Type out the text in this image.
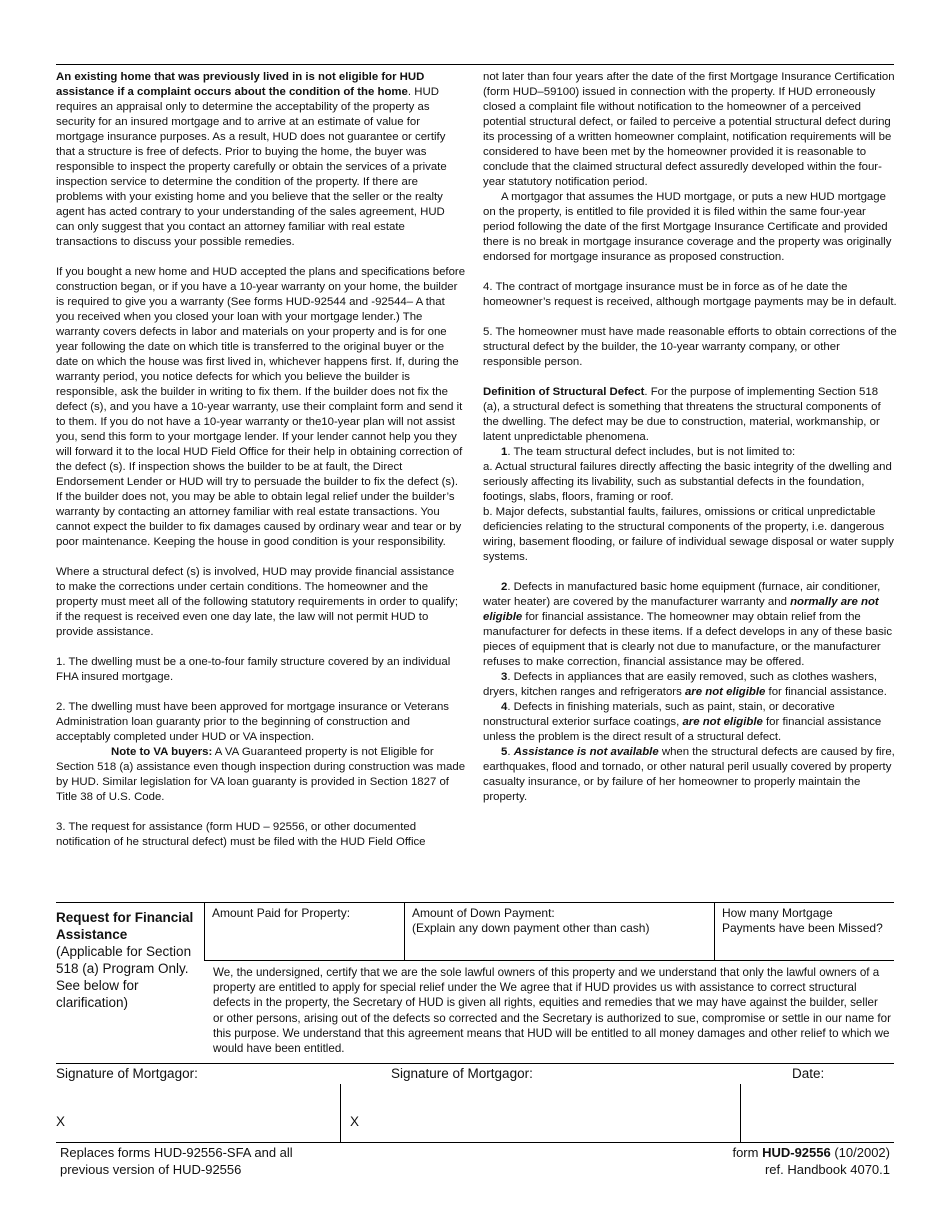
An existing home that was previously lived in is not eligible for HUD assistance if a complaint occurs about the condition of the home. HUD requires an appraisal only to determine the acceptability of the property as security for an insured mortgage and to arrive at an estimate of value for mortgage insurance purposes. As a result, HUD does not guarantee or certify that a structure is free of defects. Prior to buying the home, the buyer was responsible to inspect the property carefully or obtain the services of a private inspection service to determine the condition of the property. If there are problems with your existing home and you believe that the seller or the realty agent has acted contrary to your understanding of the sales agreement, HUD can only suggest that you contact an attorney familiar with real estate transactions to discuss your possible remedies.

If you bought a new home and HUD accepted the plans and specifications before construction began, or if you have a 10-year warranty on your home, the builder is required to give you a warranty (See forms HUD-92544 and -92544– A that you received when you closed your loan with your mortgage lender.) The warranty covers defects in labor and materials on your property and is for one year following the date on which title is transferred to the original buyer or the date on which the house was first lived in, whichever happens first. If, during the warranty period, you notice defects for which you believe the builder is responsible, ask the builder in writing to fix them. If the builder does not fix the defect (s), and you have a 10-year warranty, use their complaint form and send it to them. If you do not have a 10-year warranty or the10-year plan will not assist you, send this form to your mortgage lender. If your lender cannot help you they will forward it to the local HUD Field Office for their help in obtaining correction of the defect (s). If inspection shows the builder to be at fault, the Direct Endorsement Lender or HUD will try to persuade the builder to fix the defect (s). If the builder does not, you may be able to obtain legal relief under the builder’s warranty by contacting an attorney familiar with real estate transactions. You cannot expect the builder to fix damages caused by ordinary wear and tear or by poor maintenance. Keeping the house in good condition is your responsibility.

Where a structural defect (s) is involved, HUD may provide financial assistance to make the corrections under certain conditions. The homeowner and the property must meet all of the following statutory requirements in order to qualify; if the request is received even one day late, the law will not permit HUD to provide assistance.

1. The dwelling must be a one-to-four family structure covered by an individual FHA insured mortgage.

2. The dwelling must have been approved for mortgage insurance or Veterans Administration loan guaranty prior to the beginning of construction and acceptably completed under HUD or VA inspection.

Note to VA buyers: A VA Guaranteed property is not Eligible for Section 518 (a) assistance even though inspection during construction was made by HUD. Similar legislation for VA loan guaranty is provided in Section 1827 of Title 38 of U.S. Code.

3. The request for assistance (form HUD – 92556, or other documented notification of he structural defect) must be filed with the HUD Field Office

not later than four years after the date of the first Mortgage Insurance Certification (form HUD–59100) issued in connection with the property. If HUD erroneously closed a complaint file without notification to the homeowner of a perceived potential structural defect, or failed to perceive a potential structural defect during its processing of a written homeowner complaint, notification requirements will be considered to have been met by the homeowner provided it is reasonable to conclude that the claimed structural defect assuredly developed within the four-year statutory notification period.

A mortgagor that assumes the HUD mortgage, or puts a new HUD mortgage on the property, is entitled to file provided it is filed within the same four-year period following the date of the first Mortgage Insurance Certificate and provided there is no break in mortgage insurance coverage and the property was originally endorsed for mortgage insurance as proposed construction.

4. The contract of mortgage insurance must be in force as of he date the homeowner’s request is received, although mortgage payments may be in default.

5. The homeowner must have made reasonable efforts to obtain corrections of the structural defect by the builder, the 10-year warranty company, or other responsible person.

Definition of Structural Defect. For the purpose of implementing Section 518 (a), a structural defect is something that threatens the structural components of the dwelling. The defect may be due to construction, material, workmanship, or latent unpredictable phenomena.

1. The team structural defect includes, but is not limited to:

a. Actual structural failures directly affecting the basic integrity of the dwelling and seriously affecting its livability, such as substantial defects in the foundation, footings, slabs, floors, framing or roof.

b. Major defects, substantial faults, failures, omissions or critical unpredictable deficiencies relating to the structural components of the property, i.e. dangerous wiring, basement flooding, or failure of individual sewage disposal or water supply systems.

2. Defects in manufactured basic home equipment (furnace, air conditioner, water heater) are covered by the manufacturer warranty and normally are not eligible for financial assistance. The homeowner may obtain relief from the manufacturer for defects in these items. If a defect develops in any of these basic pieces of equipment that is clearly not due to manufacture, or the manufacturer refuses to make correction, financial assistance may be offered.

3. Defects in appliances that are easily removed, such as clothes washers, dryers, kitchen ranges and refrigerators are not eligible for financial assistance.

4. Defects in finishing materials, such as paint, stain, or decorative nonstructural exterior surface coatings, are not eligible for financial assistance unless the problem is the direct result of a structural defect.

5. Assistance is not available when the structural defects are caused by fire, earthquakes, flood and tornado, or other natural peril usually covered by property casualty insurance, or by failure of her homeowner to properly maintain the property.

Request for Financial Assistance
(Applicable for Section 518 (a) Program Only. See below for clarification)
Amount Paid for Property:	Amount of Down Payment:
(Explain any down payment other than cash)
How many Mortgage Payments have been Missed?
We, the undersigned, certify that we are the sole lawful owners of this property and we understand that only the lawful owners of a property are entitled to apply for special relief under the We agree that if HUD provides us with assistance to correct structural defects in the property, the Secretary of HUD is given all rights, equities and remedies that we may have against the builder, seller or other persons, arising out of the defects so corrected and the Secretary is authorized to sue, compromise or settle in our name for this purpose. We understand that this agreement means that HUD will be entitled to all money damages and other relief to which we would have been entitled.
Signature of Mortgagor:	Signature of Mortgagor:	Date:
X	X
Replaces forms HUD-92556-SFA and all
previous version of HUD-92556
form HUD-92556 (10/2002)
ref. Handbook 4070.1
